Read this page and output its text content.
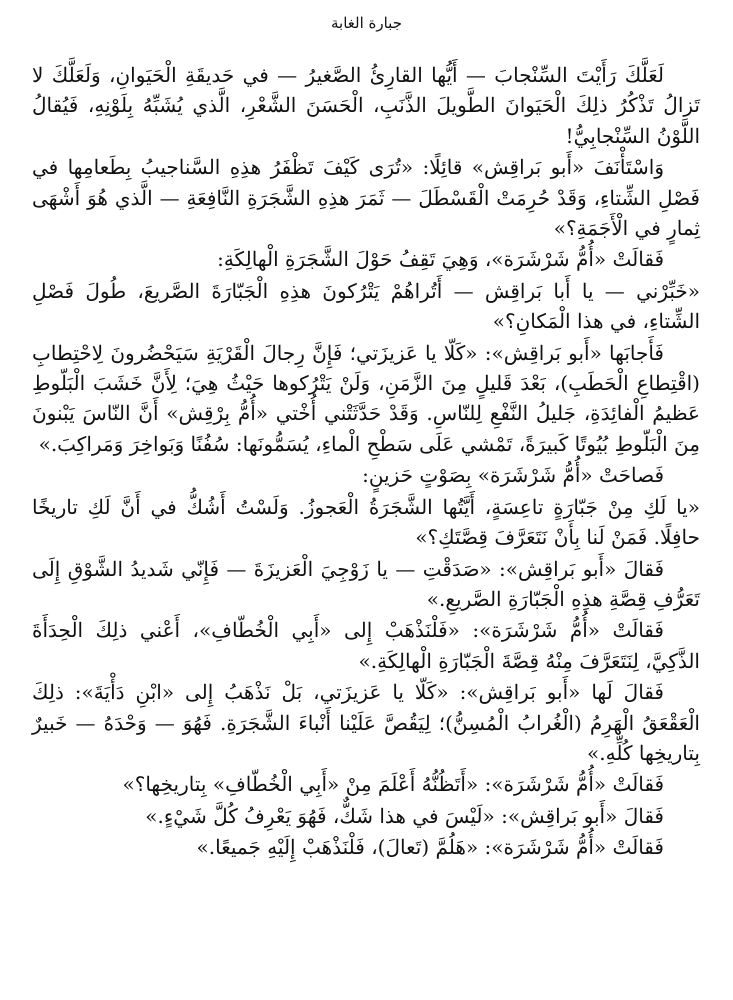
جبارة الغابة

لَعَلَّكَ رَأَيْتَ السِّنْجابَ — أَيُّها القارِئُ الصَّغيرُ — في حَديقَةِ الْحَيَوانِ، وَلَعَلَّكَ لا تَزالُ تَذْكُرُ ذلِكَ الْحَيَوانَ الطَّويلَ الذَّنَبِ، الْحَسَنَ الشَّعْرِ، الَّذي يُشَبِّهُ بِلَوْنِهِ، فَيُقالُ اللَّوْنُ السِّنْجابِيُّ!

وَاسْتَأْنَفَ «أَبو بَراقِش» قائِلًا: «تُرَى كَيْفَ تَظْفَرُ هذِهِ السَّناجيبُ بِطَعامِها في فَصْلِ الشِّتاءِ، وَقَدْ حُرِمَتْ الْقَسْطَلَ — ثَمَرَ هذِهِ الشَّجَرَةِ النَّافِعَةِ — الَّذي هُوَ أَشْهَى ثِمارٍ في الْأَجَمَةِ؟»

فَقالَتْ «أُمُّ شَرْشَرَة»، وَهِيَ تَقِفُ حَوْلَ الشَّجَرَةِ الْهالِكَةِ:

«خَبِّرْني — يا أَبا بَراقِش — أَتُراهُمْ يَتْرُكونَ هذِهِ الْجَبّارَةَ الصَّريعَ، طُولَ فَصْلِ الشِّتاءِ، في هذا الْمَكانِ؟»

فَأَجابَها «أَبو بَراقِش»: «كَلّا يا عَزيزَتي؛ فَإِنَّ رِجالَ الْقَرْيَةِ سَيَحْضُرونَ لِاحْتِطابِ (اقْتِطاعِ الْحَطَبِ)، بَعْدَ قَليلٍ مِنَ الزَّمَنِ، وَلَنْ يَتْرُكوها حَيْثُ هِيَ؛ لِأَنَّ خَشَبَ الْبَلّوطِ عَظيمُ الْفائِدَةِ، جَليلُ النَّفْعِ لِلنّاسِ. وَقَدْ حَدَّثَتْني أُخْتي «أُمُّ بِرْقِش» أَنَّ النّاسَ يَبْنونَ مِنَ الْبَلّوطِ بُيُوتًا كَبيرَةً، تَمْشي عَلَى سَطْحِ الْماءِ، يُسَمُّونَها: سُفُنًا وَبَواخِرَ وَمَراكِبَ.»

فَصاحَتْ «أُمُّ شَرْشَرَة» بِصَوْتٍ حَزينٍ:

«يا لَكِ مِنْ جَبّارَةٍ تاعِسَةٍ، أَيَّتُها الشَّجَرَةُ الْعَجوزُ. وَلَسْتُ أَشُكُّ في أَنَّ لَكِ تاريخًا حافِلًا. فَمَنْ لَنا بِأَنْ نَتَعَرَّفَ قِصَّتَكِ؟»

فَقالَ «أَبو بَراقِش»: «صَدَقْتِ — يا زَوْجِيَ الْعَزيزَةَ — فَإِنّي شَديدُ الشَّوْقِ إِلَى تَعَرُّفِ قِصَّةِ هذِهِ الْجَبّارَةِ الصَّريعِ.»

فَقالَتْ «أُمُّ شَرْشَرَة»: «فَلْنَذْهَبْ إِلى «أَبِي الْخُطّافِ»، أَعْني ذلِكَ الْحِدَأَةَ الذَّكِيَّ، لِنَتَعَرَّفَ مِنْهُ قِصَّةَ الْجَبّارَةِ الْهالِكَةِ.»

فَقالَ لَها «أَبو بَراقِش»: «كَلّا يا عَزيزَتي، بَلْ نَذْهَبُ إِلى «ابْنِ دَأْيَةَ»: ذلِكَ الْعَقْعَقُ الْهَرِمُ (الْغُرابُ الْمُسِنُّ)؛ لِيَقُصَّ عَلَيْنا أَنْباءَ الشَّجَرَةِ. فَهُوَ — وَحْدَهُ — خَبيرٌ بِتاريخِها كُلِّهِ.»

فَقالَتْ «أُمُّ شَرْشَرَة»: «أَتَظُنُّهُ أَعْلَمَ مِنْ «أَبِي الْخُطّافِ» بِتاريخِها؟»

فَقالَ «أَبو بَراقِش»: «لَيْسَ في هذا شَكٌّ، فَهُوَ يَعْرِفُ كُلَّ شَيْءٍ.»

فَقالَتْ «أُمُّ شَرْشَرَة»: «هَلُمَّ (تَعالَ)، فَلْنَذْهَبْ إِلَيْهِ جَميعًا.»
